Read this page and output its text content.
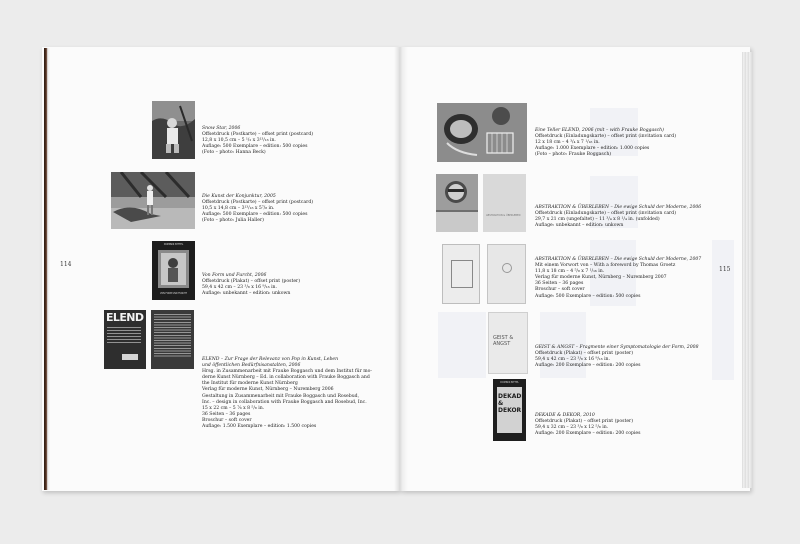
114
115
DOMINIK BITTEL
VON FORM UND FURCHT
ELEND
Snow Star, 2006
Offsetdruck (Postkarte) – offset print (postcard)
12,8 x 10,5 cm – 5 ¹/₂ x 3¹³/₁₆ in.
Auflage: 500 Exemplare – edition: 500 copies
(Foto – photo: Hanna Beck)
Die Kunst der Konjunktur, 2005
Offsetdruck (Postkarte) – offset print (postcard)
10,5 x 14,8 cm – 3¹³/₁₆ x 5⁷/₈ in.
Auflage: 500 Exemplare – edition: 500 copies
(Foto – photo: Julia Haller)
Von Form und Furcht, 2006
Offsetdruck (Plakat) – offset print (poster)
59,4 x 42 cm – 23 ³/₈ x 16 ⁹/₁₆ in.
Auflage: unbekannt – edition: unkown
ELEND – Zur Frage der Relevanz von Pop in Kunst, Leben
und öffentlichen Bedürfnisanstalten, 2006
Hrsg. in Zusammenarbeit mit Frauke Boggasch und dem Institut für mo-
derne Kunst Nürnberg – Ed. in collaboration with Frauke Boggasch and
the Institut für moderne Kunst Nürnberg
Verlag für moderne Kunst, Nürnberg – Nuremberg 2006
Gestaltung in Zusammenarbeit mit Frauke Boggasch und Rosebud,
Inc. – design in collaboration with Frauke Boggasch and Rosebud, Inc.
15 x 22 cm – 5 ⅞ x 8 ⁵/₈ in.
36 Seiten – 36 pages
Broschur – soft cover
Auflage: 1.500 Exemplare – edition: 1.500 copies
ABSTRAKTION & ÜBERLEBEN
GEIST & ANGST
DOMINIK BITTEL
DEKADE & DEKOR
Eine Teller ELEND, 2006 (mit – with Frauke Boggasch)
Offsetdruck (Einladungskarte) – offset print (invitation card)
12 x 18 cm – 4 ³/₄ x 7 ¹/₁₆ in.
Auflage: 1.000 Exemplare – edition: 1.000 copies
(Foto – photo: Frauke Boggasch)
ABSTRAKTION & ÜBERLEBEN – Die ewige Schuld der Moderne, 2006
Offsetdruck (Einladungskarte) – offset print (invitation card)
29,7 x 21 cm (ungefaltet) – 11 ³/₄ x 8 ¹/₄ in. (unfolded)
Auflage: unbekannt – edition: unkown
ABSTRAKTION & ÜBERLEBEN – Die ewige Schuld der Moderne, 2007
Mit einem Vorwort von – With a foreword by Thomas Groetz
11,8 x 18 cm – 4 ⁵/₈ x 7 ¹/₁₆ in.
Verlag für moderne Kunst, Nürnberg – Nuremberg 2007
36 Seiten – 36 pages
Broschur – soft cover
Auflage: 500 Exemplare – edition: 500 copies
GEIST & ANGST – Fragmente einer Symptomatologie der Form, 2008
Offsetdruck (Plakat) – offset print (poster)
59,4 x 42 cm – 23 ³/₈ x 16 ⁹/₁₆ in.
Auflage: 200 Exemplare – edition: 200 copies
DEKADE & DEKOR, 2010
Offsetdruck (Plakat) – offset print (poster)
59,4 x 32 cm – 23 ³/₈ x 12 ⁵/₈ in.
Auflage: 200 Exemplare – edition: 200 copies
